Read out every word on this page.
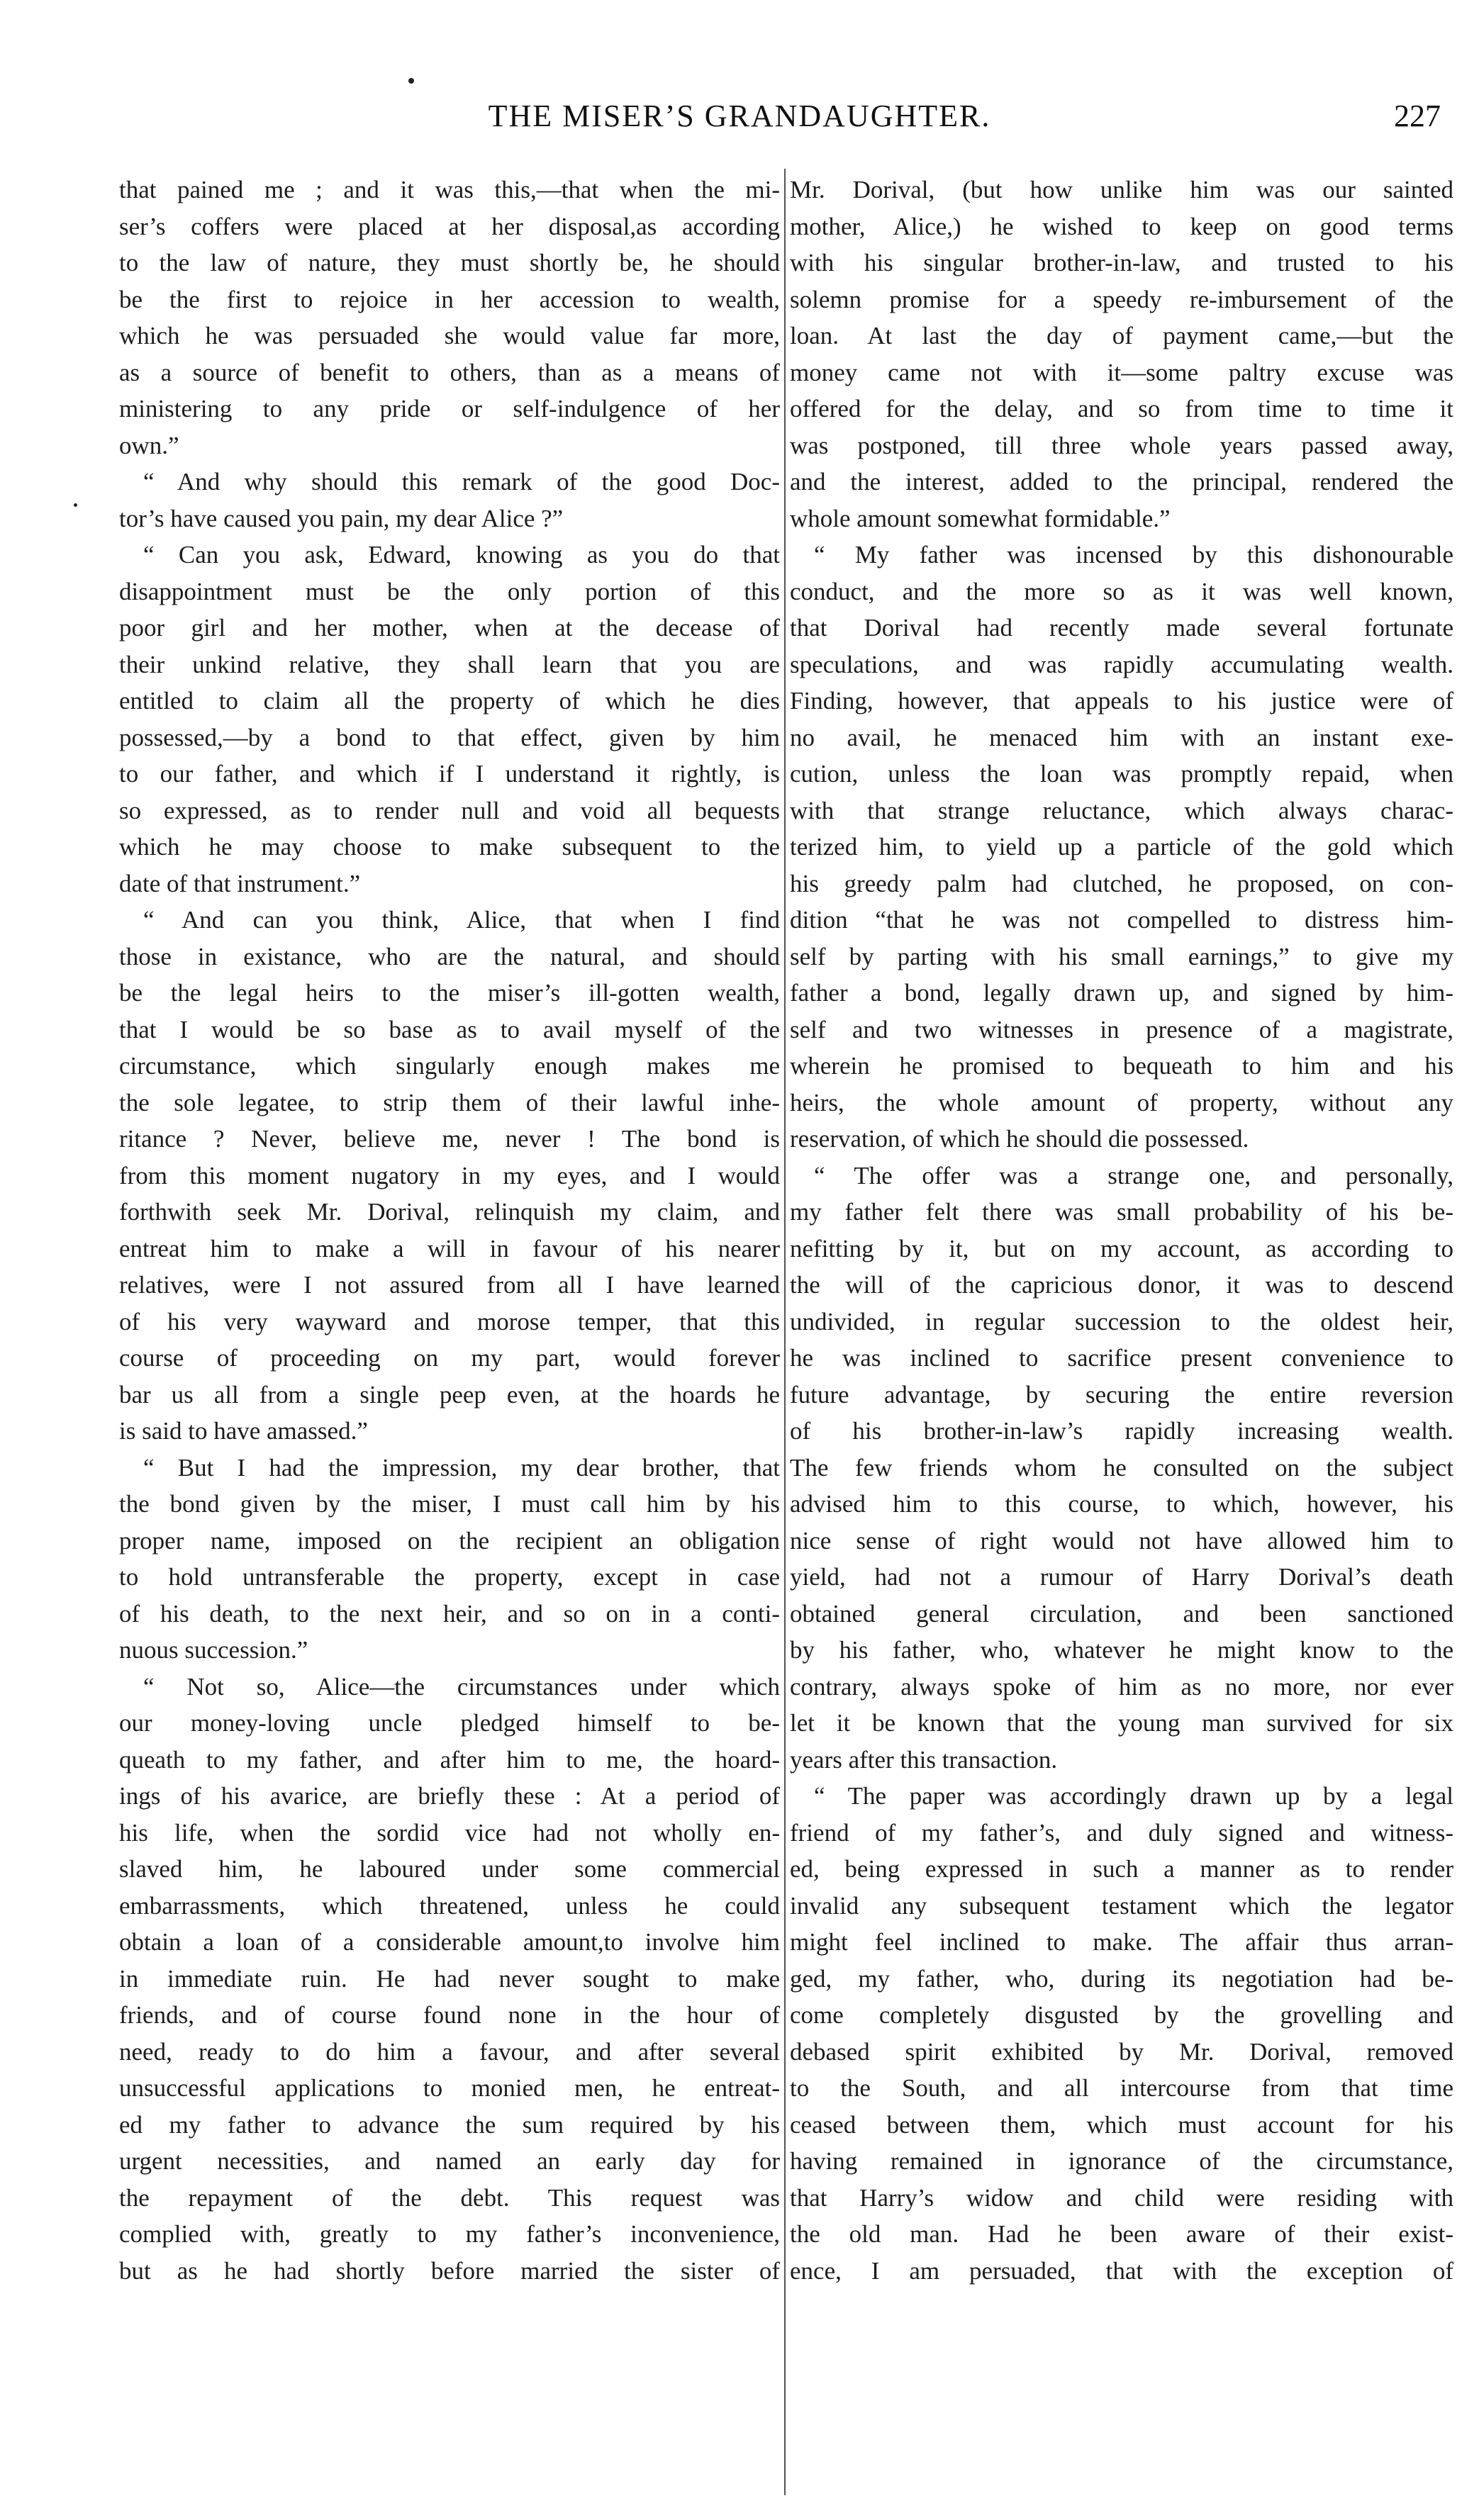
THE MISER’S GRANDAUGHTER.	227
that pained me ; and it was this,—that when the mi-
ser’s coffers were placed at her disposal,as according
to the law of nature, they must shortly be, he should
be the first to rejoice in her accession to wealth,
which he was persuaded she would value far more,
as a source of benefit to others, than as a means of
ministering to any pride or self-indulgence of her
own.”
“ And why should this remark of the good Doc-
tor’s have caused you pain, my dear Alice ?”
“ Can you ask, Edward, knowing as you do that
disappointment must be the only portion of this
poor girl and her mother, when at the decease of
their unkind relative, they shall learn that you are
entitled to claim all the property of which he dies
possessed,—by a bond to that effect, given by him
to our father, and which if I understand it rightly, is
so expressed, as to render null and void all bequests
which he may choose to make subsequent to the
date of that instrument.”
“ And can you think, Alice, that when I find
those in existance, who are the natural, and should
be the legal heirs to the miser’s ill-gotten wealth,
that I would be so base as to avail myself of the
circumstance, which singularly enough makes me
the sole legatee, to strip them of their lawful inhe-
ritance ? Never, believe me, never ! The bond is
from this moment nugatory in my eyes, and I would
forthwith seek Mr. Dorival, relinquish my claim, and
entreat him to make a will in favour of his nearer
relatives, were I not assured from all I have learned
of his very wayward and morose temper, that this
course of proceeding on my part, would forever
bar us all from a single peep even, at the hoards he
is said to have amassed.”
“ But I had the impression, my dear brother, that
the bond given by the miser, I must call him by his
proper name, imposed on the recipient an obligation
to hold untransferable the property, except in case
of his death, to the next heir, and so on in a conti-
nuous succession.”
“ Not so, Alice—the circumstances under which
our money-loving uncle pledged himself to be-
queath to my father, and after him to me, the hoard-
ings of his avarice, are briefly these : At a period of
his life, when the sordid vice had not wholly en-
slaved him, he laboured under some commercial
embarrassments, which threatened, unless he could
obtain a loan of a considerable amount,to involve him
in immediate ruin. He had never sought to make
friends, and of course found none in the hour of
need, ready to do him a favour, and after several
unsuccessful applications to monied men, he entreat-
ed my father to advance the sum required by his
urgent necessities, and named an early day for
the repayment of the debt. This request was
complied with, greatly to my father’s inconvenience,
but as he had shortly before married the sister of
Mr. Dorival, (but how unlike him was our sainted
mother, Alice,) he wished to keep on good terms
with his singular brother-in-law, and trusted to his
solemn promise for a speedy re-imbursement of the
loan. At last the day of payment came,—but the
money came not with it—some paltry excuse was
offered for the delay, and so from time to time it
was postponed, till three whole years passed away,
and the interest, added to the principal, rendered the
whole amount somewhat formidable.”
“ My father was incensed by this dishonourable
conduct, and the more so as it was well known,
that Dorival had recently made several fortunate
speculations, and was rapidly accumulating wealth.
Finding, however, that appeals to his justice were of
no avail, he menaced him with an instant exe-
cution, unless the loan was promptly repaid, when
with that strange reluctance, which always charac-
terized him, to yield up a particle of the gold which
his greedy palm had clutched, he proposed, on con-
dition “that he was not compelled to distress him-
self by parting with his small earnings,” to give my
father a bond, legally drawn up, and signed by him-
self and two witnesses in presence of a magistrate,
wherein he promised to bequeath to him and his
heirs, the whole amount of property, without any
reservation, of which he should die possessed.
“ The offer was a strange one, and personally,
my father felt there was small probability of his be-
nefitting by it, but on my account, as according to
the will of the capricious donor, it was to descend
undivided, in regular succession to the oldest heir,
he was inclined to sacrifice present convenience to
future advantage, by securing the entire reversion
of his brother-in-law’s rapidly increasing wealth.
The few friends whom he consulted on the subject
advised him to this course, to which, however, his
nice sense of right would not have allowed him to
yield, had not a rumour of Harry Dorival’s death
obtained general circulation, and been sanctioned
by his father, who, whatever he might know to the
contrary, always spoke of him as no more, nor ever
let it be known that the young man survived for six
years after this transaction.
“ The paper was accordingly drawn up by a legal
friend of my father’s, and duly signed and witness-
ed, being expressed in such a manner as to render
invalid any subsequent testament which the legator
might feel inclined to make. The affair thus arran-
ged, my father, who, during its negotiation had be-
come completely disgusted by the grovelling and
debased spirit exhibited by Mr. Dorival, removed
to the South, and all intercourse from that time
ceased between them, which must account for his
having remained in ignorance of the circumstance,
that Harry’s widow and child were residing with
the old man. Had he been aware of their exist-
ence, I am persuaded, that with the exception of
